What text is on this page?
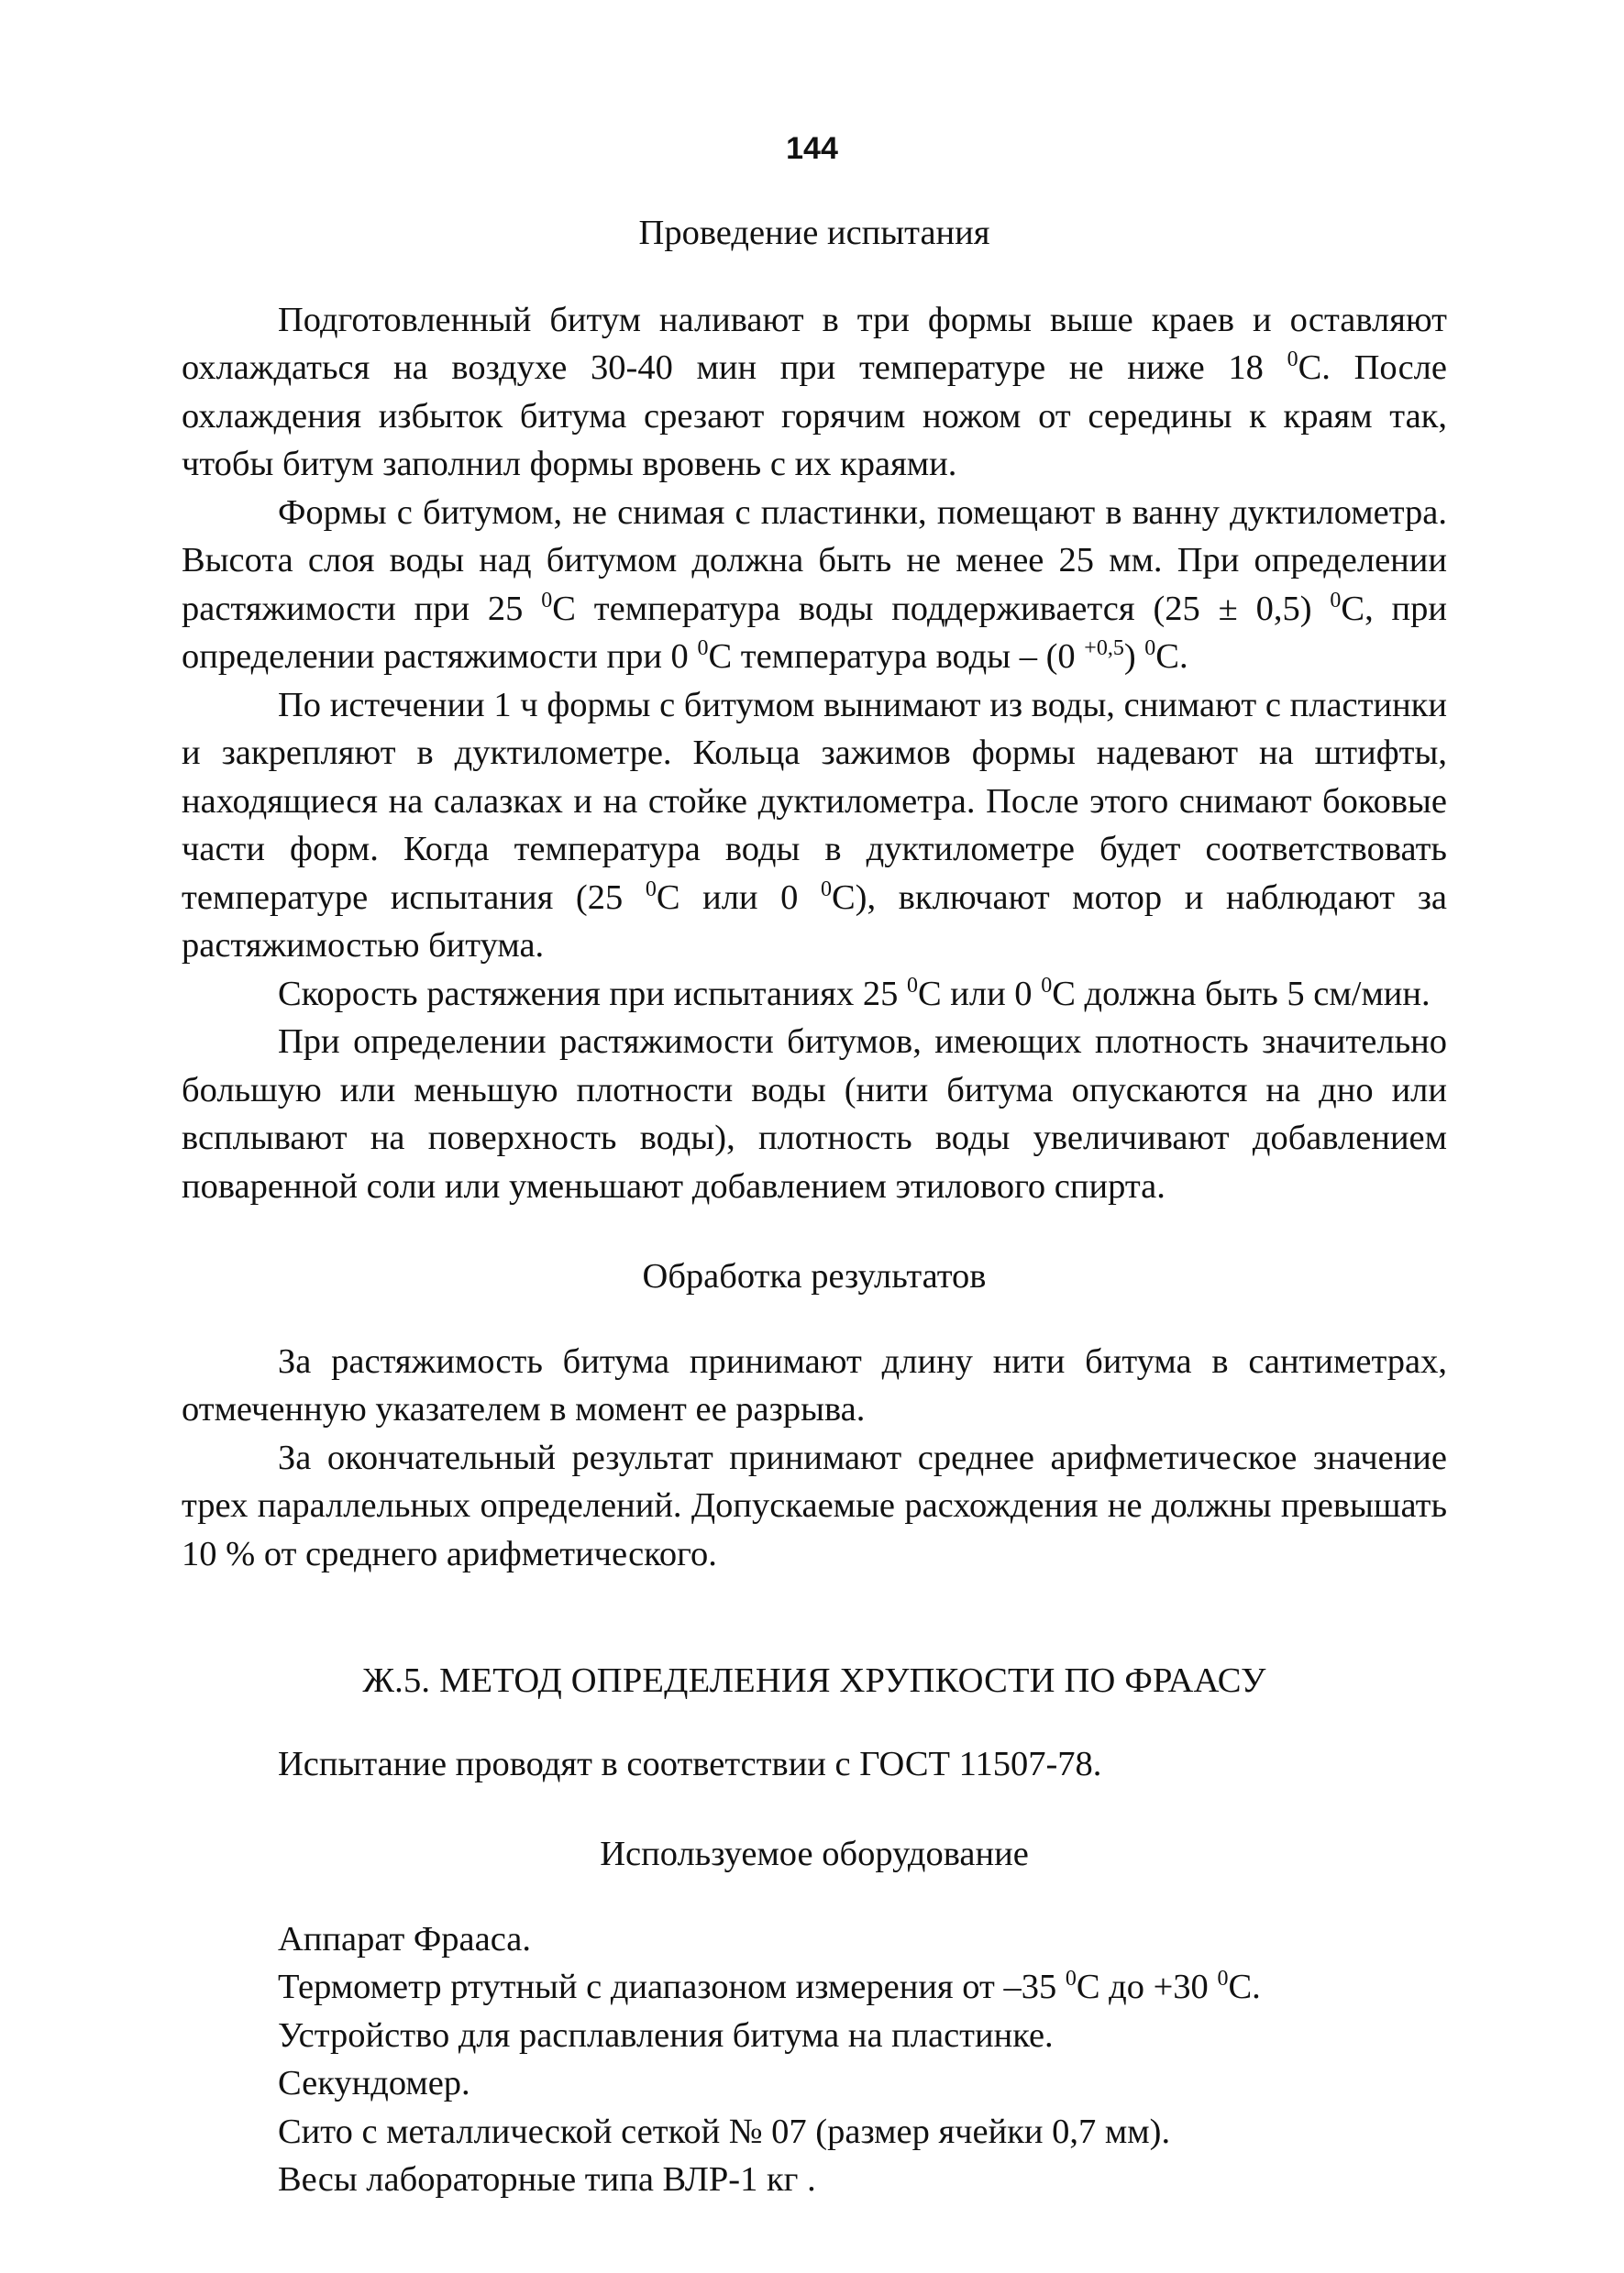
144
Проведение испытания

Подготовленный битум наливают в три формы выше краев и оставляют охлаждаться на воздухе 30-40 мин при температуре не ниже 18 $^0$С. После охлаждения избыток битума срезают горячим ножом от середины к краям так, чтобы битум заполнил формы вровень с их краями.

Формы с битумом, не снимая с пластинки, помещают в ванну дуктилометра. Высота слоя воды над битумом должна быть не менее 25 мм. При определении растяжимости при 25 $^0$С температура воды поддерживается (25 ± 0,5) $^0$С, при определении растяжимости при 0 $^0$С температура воды – (0 $^{+0,5}$) $^0$С.

По истечении 1 ч формы с битумом вынимают из воды, снимают с пластинки и закрепляют в дуктилометре. Кольца зажимов формы надевают на штифты, находящиеся на салазках и на стойке дуктилометра. После этого снимают боковые части форм. Когда температура воды в дуктилометре будет соответствовать температуре испытания (25 $^0$С или 0 $^0$С), включают мотор и наблюдают за растяжимостью битума.

Скорость растяжения при испытаниях 25 $^0$С или 0 $^0$С должна быть 5 см/мин.

При определении растяжимости битумов, имеющих плотность значительно большую или меньшую плотности воды (нити битума опускаются на дно или всплывают на поверхность воды), плотность воды увеличивают добавлением поваренной соли или уменьшают добавлением этилового спирта.

Обработка результатов

За растяжимость битума принимают длину нити битума в сантиметрах, отмеченную указателем в момент ее разрыва.

За окончательный результат принимают среднее арифметическое значение трех параллельных определений. Допускаемые расхождения не должны превышать 10 % от среднего арифметического.

Ж.5. МЕТОД ОПРЕДЕЛЕНИЯ ХРУПКОСТИ ПО ФРААСУ

Испытание проводят в соответствии с ГОСТ 11507-78.

Используемое оборудование
Аппарат Фрааса.
Термометр ртутный с диапазоном измерения от –35 $^0$С до +30 $^0$С.
Устройство для расплавления битума на пластинке.
Секундомер.
Сито с металлической сеткой № 07 (размер ячейки 0,7 мм).
Весы лабораторные типа ВЛР-1 кг .
